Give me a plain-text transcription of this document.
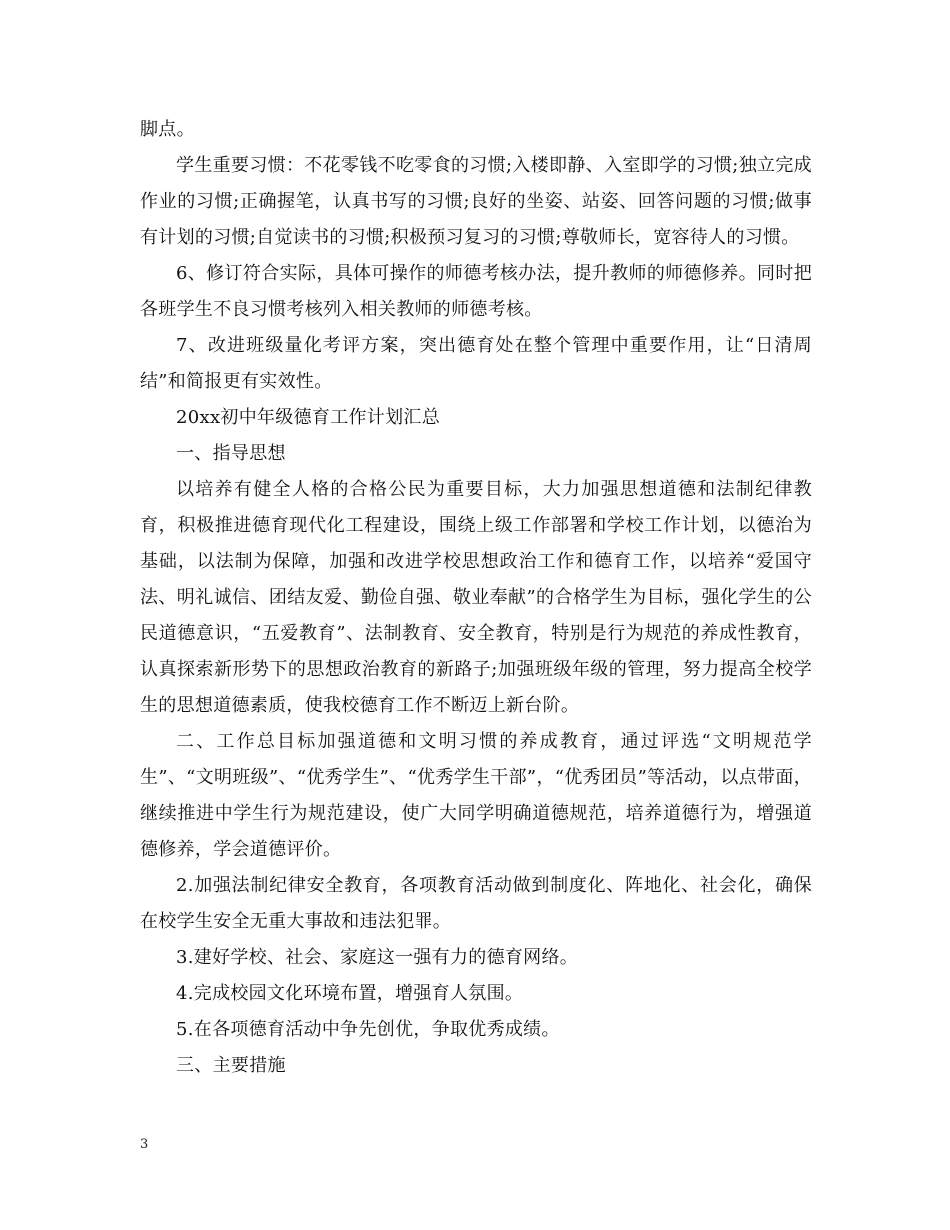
脚点。

学生重要习惯：不花零钱不吃零食的习惯;入楼即静、入室即学的习惯;独立完成作业的习惯;正确握笔，认真书写的习惯;良好的坐姿、站姿、回答问题的习惯;做事有计划的习惯;自觉读书的习惯;积极预习复习的习惯;尊敬师长，宽容待人的习惯。

6、修订符合实际，具体可操作的师德考核办法，提升教师的师德修养。同时把各班学生不良习惯考核列入相关教师的师德考核。

7、改进班级量化考评方案，突出德育处在整个管理中重要作用，让“日清周结”和简报更有实效性。

20xx初中年级德育工作计划汇总

一、指导思想

以培养有健全人格的合格公民为重要目标，大力加强思想道德和法制纪律教育，积极推进德育现代化工程建设，围绕上级工作部署和学校工作计划，以德治为基础，以法制为保障，加强和改进学校思想政治工作和德育工作，以培养“爱国守法、明礼诚信、团结友爱、勤俭自强、敬业奉献”的合格学生为目标，强化学生的公民道德意识，“五爱教育”、法制教育、安全教育，特别是行为规范的养成性教育，认真探索新形势下的思想政治教育的新路子;加强班级年级的管理，努力提高全校学生的思想道德素质，使我校德育工作不断迈上新台阶。

二、工作总目标加强道德和文明习惯的养成教育，通过评选“文明规范学生”、“文明班级”、“优秀学生”、“优秀学生干部”，“优秀团员”等活动，以点带面，继续推进中学生行为规范建设，使广大同学明确道德规范，培养道德行为，增强道德修养，学会道德评价。

2.加强法制纪律安全教育，各项教育活动做到制度化、阵地化、社会化，确保在校学生安全无重大事故和违法犯罪。

3.建好学校、社会、家庭这一强有力的德育网络。

4.完成校园文化环境布置，增强育人氛围。

5.在各项德育活动中争先创优，争取优秀成绩。

三、主要措施

3
